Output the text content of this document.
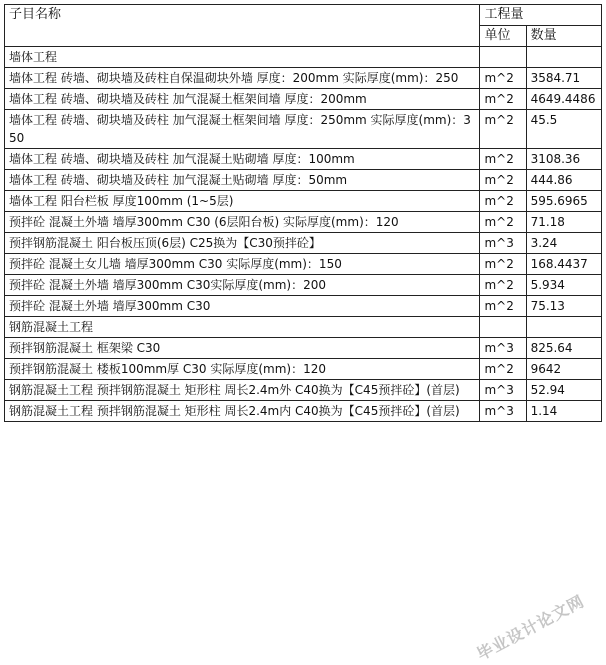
子目名称	工程量	
	单位	数量
墙体工程		
墙体工程 砖墙、砌块墙及砖柱自保温砌块外墙 厚度：200mm 实际厚度(mm)：250	m^2	3584.71
墙体工程 砖墙、砌块墙及砖柱 加气混凝土框架间墙 厚度：200mm	m^2	4649.4486
墙体工程 砖墙、砌块墙及砖柱 加气混凝土框架间墙 厚度：250mm 实际厚度(mm)：350	m^2	45.5
墙体工程 砖墙、砌块墙及砖柱 加气混凝土贴砌墙 厚度：100mm	m^2	3108.36
墙体工程 砖墙、砌块墙及砖柱 加气混凝土贴砌墙 厚度：50mm	m^2	444.86
墙体工程 阳台栏板 厚度100mm (1~5层)	m^2	595.6965
预拌砼 混凝土外墙 墙厚300mm C30 (6层阳台板) 实际厚度(mm)：120	m^2	71.18
预拌钢筋混凝土 阳台板压顶(6层) C25换为【C30预拌砼】	m^3	3.24
预拌砼 混凝土女儿墙 墙厚300mm C30 实际厚度(mm)：150	m^2	168.4437
预拌砼 混凝土外墙 墙厚300mm C30实际厚度(mm)：200	m^2	5.934
预拌砼 混凝土外墙 墙厚300mm C30	m^2	75.13
钢筋混凝土工程		
预拌钢筋混凝土 框架梁 C30	m^3	825.64
预拌钢筋混凝土 楼板100mm厚 C30 实际厚度(mm)：120	m^2	9642
钢筋混凝土工程 预拌钢筋混凝土 矩形柱 周长2.4m外 C40换为【C45预拌砼】(首层)	m^3	52.94
钢筋混凝土工程 预拌钢筋混凝土 矩形柱 周长2.4m内 C40换为【C45预拌砼】(首层)	m^3	1.14
毕业设计论文网
